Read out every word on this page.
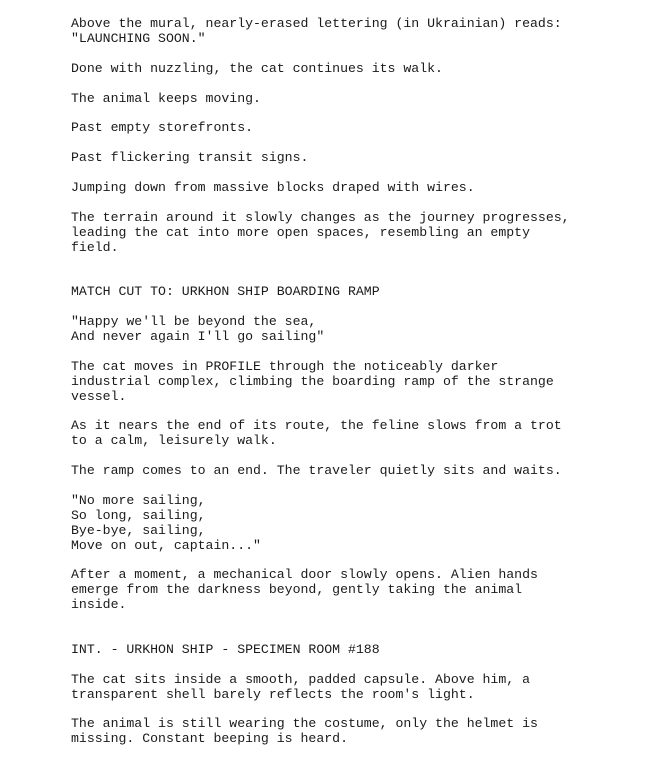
Above the mural, nearly-erased lettering (in Ukrainian) reads:
"LAUNCHING SOON."

Done with nuzzling, the cat continues its walk.

The animal keeps moving.

Past empty storefronts.

Past flickering transit signs.

Jumping down from massive blocks draped with wires.

The terrain around it slowly changes as the journey progresses,
leading the cat into more open spaces, resembling an empty
field.

MATCH CUT TO: URKHON SHIP BOARDING RAMP

"Happy we'll be beyond the sea,
And never again I'll go sailing"

The cat moves in PROFILE through the noticeably darker
industrial complex, climbing the boarding ramp of the strange
vessel.

As it nears the end of its route, the feline slows from a trot
to a calm, leisurely walk.

The ramp comes to an end. The traveler quietly sits and waits.

"No more sailing,
So long, sailing,
Bye-bye, sailing,
Move on out, captain..."

After a moment, a mechanical door slowly opens. Alien hands
emerge from the darkness beyond, gently taking the animal
inside.

INT. - URKHON SHIP - SPECIMEN ROOM #188

The cat sits inside a smooth, padded capsule. Above him, a
transparent shell barely reflects the room's light.

The animal is still wearing the costume, only the helmet is
missing. Constant beeping is heard.
